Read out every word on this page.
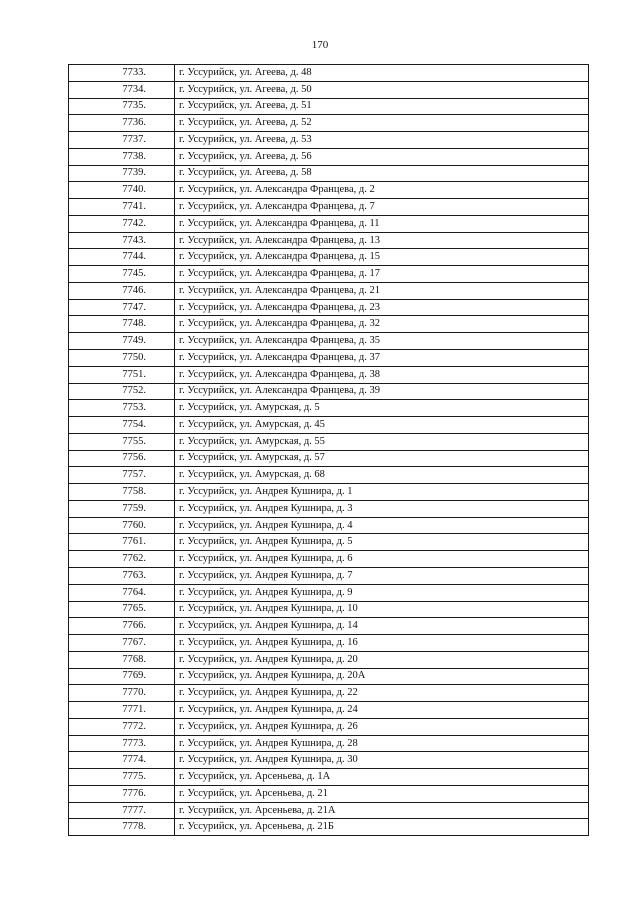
170
7733.	г. Уссурийск, ул. Агеева, д. 48
7734.	г. Уссурийск, ул. Агеева, д. 50
7735.	г. Уссурийск, ул. Агеева, д. 51
7736.	г. Уссурийск, ул. Агеева, д. 52
7737.	г. Уссурийск, ул. Агеева, д. 53
7738.	г. Уссурийск, ул. Агеева, д. 56
7739.	г. Уссурийск, ул. Агеева, д. 58
7740.	г. Уссурийск, ул. Александра Францева, д. 2
7741.	г. Уссурийск, ул. Александра Францева, д. 7
7742.	г. Уссурийск, ул. Александра Францева, д. 11
7743.	г. Уссурийск, ул. Александра Францева, д. 13
7744.	г. Уссурийск, ул. Александра Францева, д. 15
7745.	г. Уссурийск, ул. Александра Францева, д. 17
7746.	г. Уссурийск, ул. Александра Францева, д. 21
7747.	г. Уссурийск, ул. Александра Францева, д. 23
7748.	г. Уссурийск, ул. Александра Францева, д. 32
7749.	г. Уссурийск, ул. Александра Францева, д. 35
7750.	г. Уссурийск, ул. Александра Францева, д. 37
7751.	г. Уссурийск, ул. Александра Францева, д. 38
7752.	г. Уссурийск, ул. Александра Францева, д. 39
7753.	г. Уссурийск, ул. Амурская, д. 5
7754.	г. Уссурийск, ул. Амурская, д. 45
7755.	г. Уссурийск, ул. Амурская, д. 55
7756.	г. Уссурийск, ул. Амурская, д. 57
7757.	г. Уссурийск, ул. Амурская, д. 68
7758.	г. Уссурийск, ул. Андрея Кушнира, д. 1
7759.	г. Уссурийск, ул. Андрея Кушнира, д. 3
7760.	г. Уссурийск, ул. Андрея Кушнира, д. 4
7761.	г. Уссурийск, ул. Андрея Кушнира, д. 5
7762.	г. Уссурийск, ул. Андрея Кушнира, д. 6
7763.	г. Уссурийск, ул. Андрея Кушнира, д. 7
7764.	г. Уссурийск, ул. Андрея Кушнира, д. 9
7765.	г. Уссурийск, ул. Андрея Кушнира, д. 10
7766.	г. Уссурийск, ул. Андрея Кушнира, д. 14
7767.	г. Уссурийск, ул. Андрея Кушнира, д. 16
7768.	г. Уссурийск, ул. Андрея Кушнира, д. 20
7769.	г. Уссурийск, ул. Андрея Кушнира, д. 20А
7770.	г. Уссурийск, ул. Андрея Кушнира, д. 22
7771.	г. Уссурийск, ул. Андрея Кушнира, д. 24
7772.	г. Уссурийск, ул. Андрея Кушнира, д. 26
7773.	г. Уссурийск, ул. Андрея Кушнира, д. 28
7774.	г. Уссурийск, ул. Андрея Кушнира, д. 30
7775.	г. Уссурийск, ул. Арсеньева, д. 1А
7776.	г. Уссурийск, ул. Арсеньева, д. 21
7777.	г. Уссурийск, ул. Арсеньева, д. 21А
7778.	г. Уссурийск, ул. Арсеньева, д. 21Б
